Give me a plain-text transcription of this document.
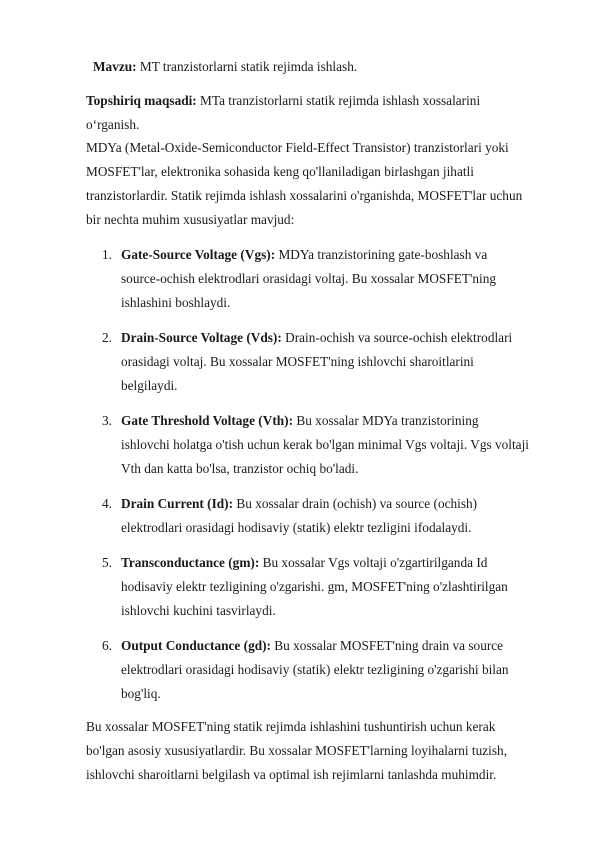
Mavzu: MT tranzistorlarni statik rejimda ishlash.
Topshiriq maqsadi: MTa tranzistorlarni statik rejimda ishlash xossalarini
o‘rganish.
MDYa (Metal-Oxide-Semiconductor Field-Effect Transistor) tranzistorlari yoki
MOSFET'lar, elektronika sohasida keng qo'llaniladigan birlashgan jihatli
tranzistorlardir. Statik rejimda ishlash xossalarini o'rganishda, MOSFET'lar uchun
bir nechta muhim xususiyatlar mavjud:
1. Gate-Source Voltage (Vgs): MDYa tranzistorining gate-boshlash va
source-ochish elektrodlari orasidagi voltaj. Bu xossalar MOSFET'ning
ishlashini boshlaydi.
2. Drain-Source Voltage (Vds): Drain-ochish va source-ochish elektrodlari
orasidagi voltaj. Bu xossalar MOSFET'ning ishlovchi sharoitlarini
belgilaydi.
3. Gate Threshold Voltage (Vth): Bu xossalar MDYa tranzistorining
ishlovchi holatga o'tish uchun kerak bo'lgan minimal Vgs voltaji. Vgs voltaji
Vth dan katta bo'lsa, tranzistor ochiq bo'ladi.
4. Drain Current (Id): Bu xossalar drain (ochish) va source (ochish)
elektrodlari orasidagi hodisaviy (statik) elektr tezligini ifodalaydi.
5. Transconductance (gm): Bu xossalar Vgs voltaji o'zgartirilganda Id
hodisaviy elektr tezligining o'zgarishi. gm, MOSFET'ning o'zlashtirilgan
ishlovchi kuchini tasvirlaydi.
6. Output Conductance (gd): Bu xossalar MOSFET'ning drain va source
elektrodlari orasidagi hodisaviy (statik) elektr tezligining o'zgarishi bilan
bog'liq.
Bu xossalar MOSFET'ning statik rejimda ishlashini tushuntirish uchun kerak
bo'lgan asosiy xususiyatlardir. Bu xossalar MOSFET'larning loyihalarni tuzish,
ishlovchi sharoitlarni belgilash va optimal ish rejimlarni tanlashda muhimdir.
